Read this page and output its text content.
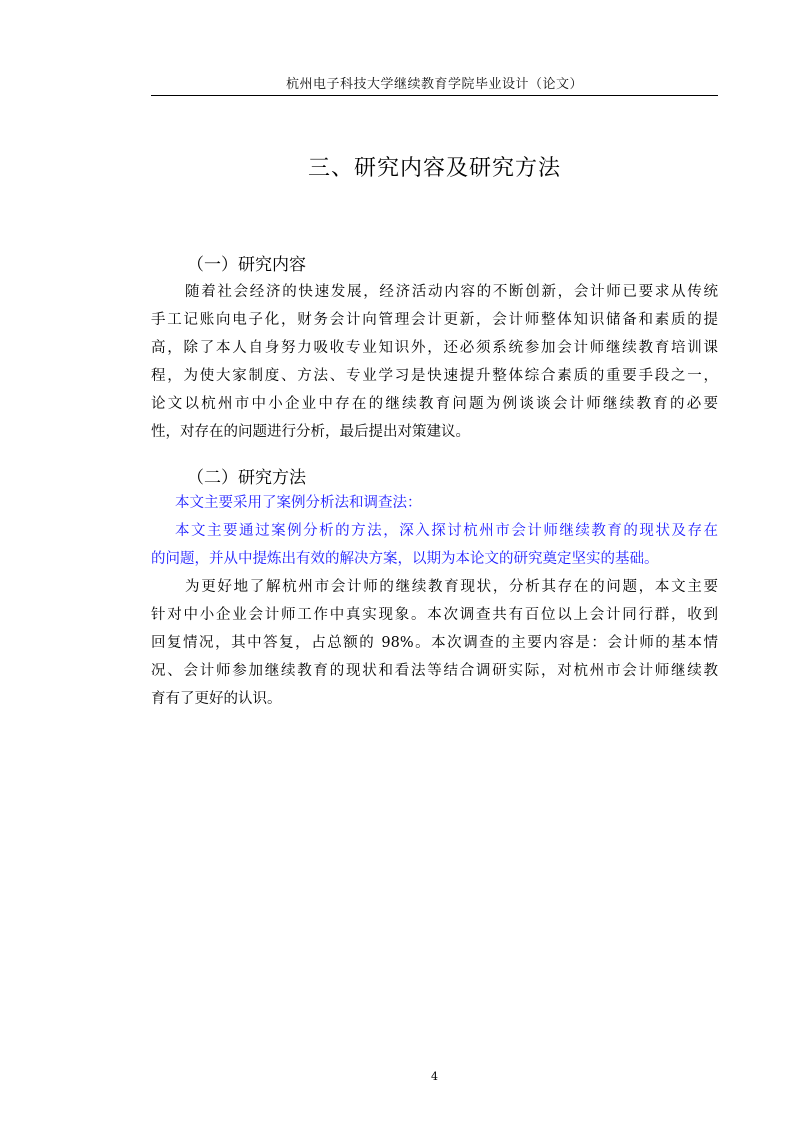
杭州电子科技大学继续教育学院毕业设计（论文）
三、研究内容及研究方法
（一）研究内容
随着社会经济的快速发展，经济活动内容的不断创新，会计师已要求从传统
手工记账向电子化，财务会计向管理会计更新，会计师整体知识储备和素质的提
高，除了本人自身努力吸收专业知识外，还必须系统参加会计师继续教育培训课
程，为使大家制度、方法、专业学习是快速提升整体综合素质的重要手段之一，
论文以杭州市中小企业中存在的继续教育问题为例谈谈会计师继续教育的必要
性，对存在的问题进行分析，最后提出对策建议。
（二）研究方法
本文主要采用了案例分析法和调查法：
本文主要通过案例分析的方法，深入探讨杭州市会计师继续教育的现状及存在
的问题，并从中提炼出有效的解决方案，以期为本论文的研究奠定坚实的基础。
为更好地了解杭州市会计师的继续教育现状，分析其存在的问题，本文主要
针对中小企业会计师工作中真实现象。本次调查共有百位以上会计同行群，收到
回复情况，其中答复，占总额的 98%。本次调查的主要内容是：会计师的基本情
况、会计师参加继续教育的现状和看法等结合调研实际，对杭州市会计师继续教
育有了更好的认识。
4
